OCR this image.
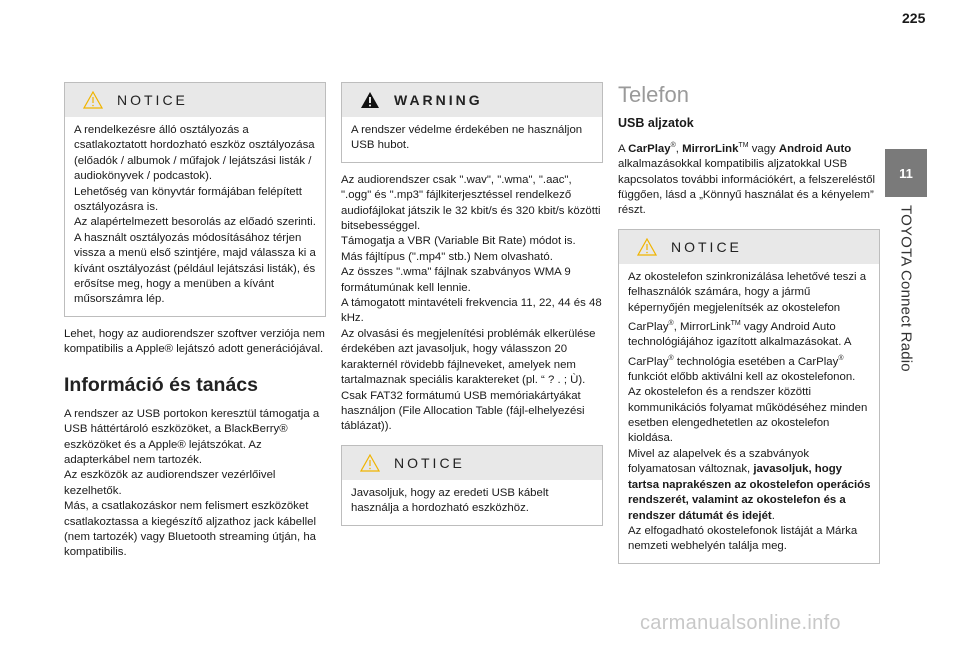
225
11
TOYOTA Connect Radio
NOTICE
A rendelkezésre álló osztályozás a csatlakoztatott hordozható eszköz osztályozása (előadók / albumok / műfajok / lejátszási listák / audiokönyvek / podcastok).
Lehetőség van könyvtár formájában felépített osztályozásra is.
Az alapértelmezett besorolás az előadó szerinti. A használt osztályozás módosításához térjen vissza a menü első szintjére, majd válassza ki a kívánt osztályozást (például lejátszási listák), és erősítse meg, hogy a menüben a kívánt műsorszámra lép.
Lehet, hogy az audiorendszer szoftver verziója nem kompatibilis a Apple® lejátszó adott generációjával.
Információ és tanács
A rendszer az USB portokon keresztül támogatja a USB háttértároló eszközöket, a BlackBerry® eszközöket és a Apple® lejátszókat. Az adapterkábel nem tartozék.
Az eszközök az audiorendszer vezérlőivel kezelhetők.
Más, a csatlakozáskor nem felismert eszközöket csatlakoztassa a kiegészítő aljzathoz jack kábellel (nem tartozék) vagy Bluetooth streaming útján, ha kompatibilis.
WARNING
A rendszer védelme érdekében ne használjon USB hubot.
Az audiorendszer csak ".wav", ".wma", ".aac", ".ogg" és ".mp3" fájlkiterjesztéssel rendelkező audiofájlokat játszik le 32 kbit/s és 320 kbit/s közötti bitsebességgel.
Támogatja a VBR (Variable Bit Rate) módot is.
Más fájltípus (".mp4" stb.) Nem olvasható.
Az összes ".wma" fájlnak szabványos WMA 9 formátumúnak kell lennie.
A támogatott mintavételi frekvencia 11, 22, 44 és 48 kHz.
Az olvasási és megjelenítési problémák elkerülése érdekében azt javasoljuk, hogy válasszon 20 karakternél rövidebb fájlneveket, amelyek nem tartalmaznak speciális karaktereket (pl. “ ? . ; Ù).
Csak FAT32 formátumú USB memóriakártyákat használjon (File Allocation Table (fájl-elhelyezési táblázat)).
NOTICE
Javasoljuk, hogy az eredeti USB kábelt használja a hordozható eszközhöz.
Telefon
USB aljzatok
A CarPlay®, MirrorLink™ vagy Android Auto alkalmazásokkal kompatibilis aljzatokkal USB kapcsolatos további információkért, a felszereléstől függően, lásd a „Könnyű használat és a kényelem” részt.
NOTICE
Az okostelefon szinkronizálása lehetővé teszi a felhasználók számára, hogy a jármű képernyőjén megjelenítsék az okostelefon CarPlay®, MirrorLink™ vagy Android Auto technológiájához igazított alkalmazásokat. A CarPlay® technológia esetében a CarPlay® funkciót előbb aktiválni kell az okostelefonon.
Az okostelefon és a rendszer közötti kommunikációs folyamat működéséhez minden esetben elengedhetetlen az okostelefon kioldása.
Mivel az alapelvek és a szabványok folyamatosan változnak, javasoljuk, hogy tartsa naprakészen az okostelefon operációs rendszerét, valamint az okostelefon és a rendszer dátumát és idejét.
Az elfogadható okostelefonok listáját a Márka nemzeti webhelyén találja meg.
carmanualsonline.info
